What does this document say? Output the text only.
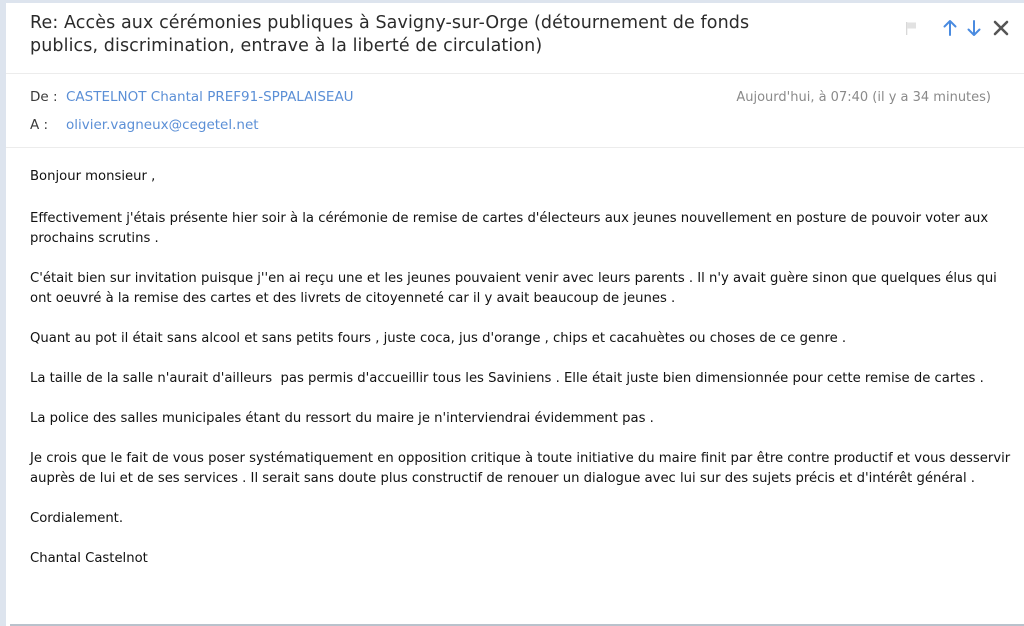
Re: Accès aux cérémonies publiques à Savigny-sur-Orge (détournement de fonds publics, discrimination, entrave à la liberté de circulation)
De : CASTELNOT Chantal PREF91-SPPALAISEAU
A :	olivier.vagneux@cegetel.net
Aujourd'hui, à 07:40 (il y a 34 minutes)

Bonjour monsieur ,

Effectivement j'étais présente hier soir à la cérémonie de remise de cartes d'électeurs aux jeunes nouvellement en posture de pouvoir voter aux prochains scrutins .

C'était bien sur invitation puisque j''en ai reçu une et les jeunes pouvaient venir avec leurs parents . Il n'y avait guère sinon que quelques élus qui ont oeuvré à la remise des cartes et des livrets de citoyenneté car il y avait beaucoup de jeunes .

Quant au pot il était sans alcool et sans petits fours , juste coca, jus d'orange , chips et cacahuètes ou choses de ce genre .

La taille de la salle n'aurait d'ailleurs  pas permis d'accueillir tous les Saviniens . Elle était juste bien dimensionnée pour cette remise de cartes .

La police des salles municipales étant du ressort du maire je n'interviendrai évidemment pas .

Je crois que le fait de vous poser systématiquement en opposition critique à toute initiative du maire finit par être contre productif et vous desservir auprès de lui et de ses services . Il serait sans doute plus constructif de renouer un dialogue avec lui sur des sujets précis et d'intérêt général .

Cordialement.

Chantal Castelnot
